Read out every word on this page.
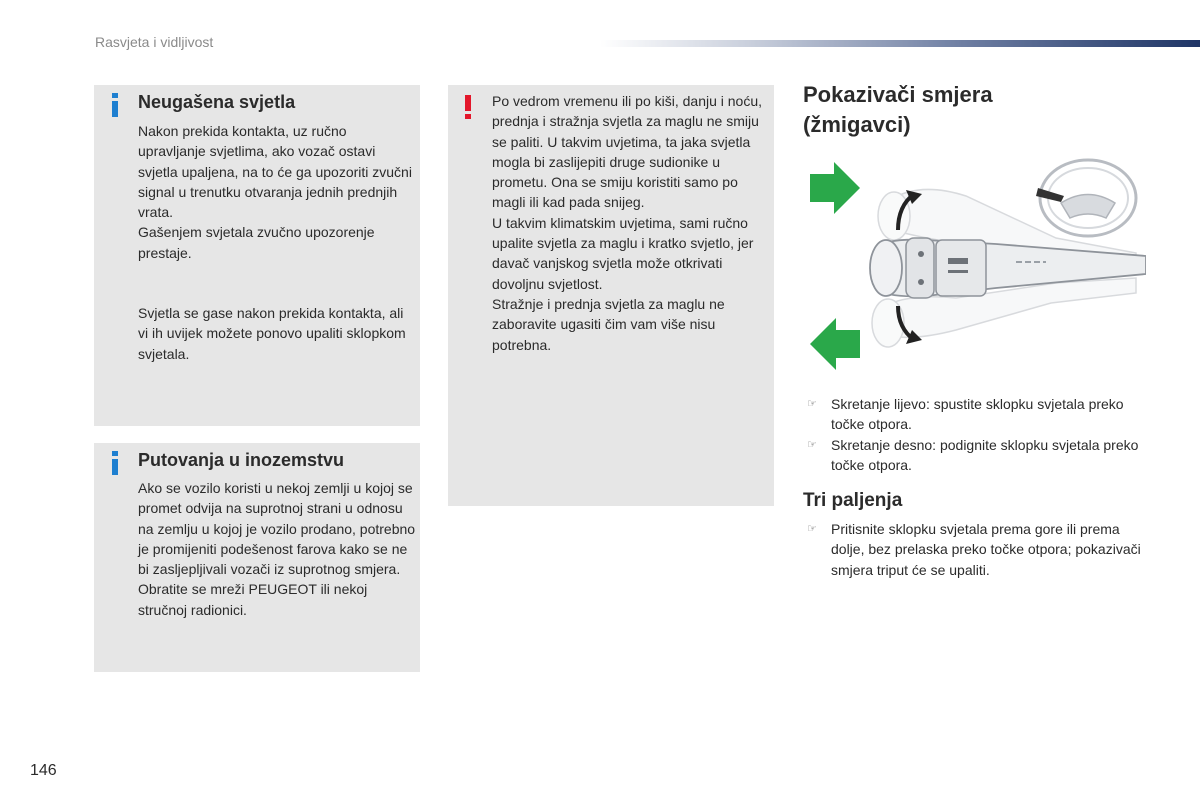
Rasvjeta i vidljivost
Neugašena svjetla

Nakon prekida kontakta, uz ručno upravljanje svjetlima, ako vozač ostavi svjetla upaljena, na to će ga upozoriti zvučni signal u trenutku otvaranja jednih prednjih vrata.

Gašenjem svjetala zvučno upozorenje prestaje.

Svjetla se gase nakon prekida kontakta, ali vi ih uvijek možete ponovo upaliti sklopkom svjetala.

Putovanja u inozemstvu

Ako se vozilo koristi u nekoj zemlji u kojoj se promet odvija na suprotnoj strani u odnosu na zemlju u kojoj je vozilo prodano, potrebno je promijeniti podešenost farova kako se ne bi zasljepljivali vozači iz suprotnog smjera. Obratite se mreži PEUGEOT ili nekoj stručnoj radionici.

Po vedrom vremenu ili po kiši, danju i noću, prednja i stražnja svjetla za maglu ne smiju se paliti. U takvim uvjetima, ta jaka svjetla mogla bi zaslijepiti druge sudionike u prometu. Ona se smiju koristiti samo po magli ili kad pada snijeg.

U takvim klimatskim uvjetima, sami ručno upalite svjetla za maglu i kratko svjetlo, jer davač vanjskog svjetla može otkrivati dovoljnu svjetlost.

Stražnje i prednja svjetla za maglu ne zaboravite ugasiti čim vam više nisu potrebna.

Pokazivači smjera
(žmigavci)
☞ Skretanje lijevo: spustite sklopku svjetala preko točke otpora.
☞ Skretanje desno: podignite sklopku svjetala preko točke otpora.
Tri paljenja
☞ Pritisnite sklopku svjetala prema gore ili prema dolje, bez prelaska preko točke otpora; pokazivači smjera triput će se upaliti.
146
